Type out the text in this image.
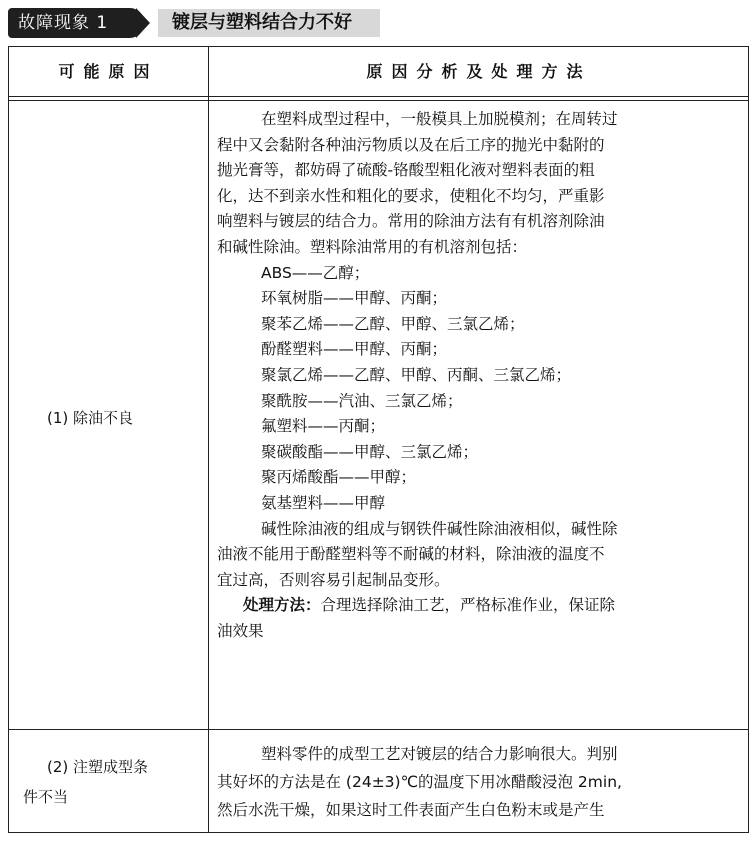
故障现象 1	镀层与塑料结合力不好
可能原因	原因分析及处理方法
(1) 除油不良
在塑料成型过程中，一般模具上加脱模剂；在周转过
程中又会黏附各种油污物质以及在后工序的抛光中黏附的
抛光膏等，都妨碍了硫酸-铬酸型粗化液对塑料表面的粗
化，达不到亲水性和粗化的要求，使粗化不均匀，严重影
响塑料与镀层的结合力。常用的除油方法有有机溶剂除油
和碱性除油。塑料除油常用的有机溶剂包括：
ABS——乙醇；
环氧树脂——甲醇、丙酮；
聚苯乙烯——乙醇、甲醇、三氯乙烯；
酚醛塑料——甲醇、丙酮；
聚氯乙烯——乙醇、甲醇、丙酮、三氯乙烯；
聚酰胺——汽油、三氯乙烯；
氟塑料——丙酮；
聚碳酸酯——甲醇、三氯乙烯；
聚丙烯酸酯——甲醇；
氨基塑料——甲醇
碱性除油液的组成与钢铁件碱性除油液相似，碱性除
油液不能用于酚醛塑料等不耐碱的材料，除油液的温度不
宜过高，否则容易引起制品变形。
处理方法：合理选择除油工艺，严格标准作业，保证除
油效果
(2) 注塑成型条
件不当
塑料零件的成型工艺对镀层的结合力影响很大。判别
其好坏的方法是在 (24±3)℃的温度下用冰醋酸浸泡 2min,
然后水洗干燥，如果这时工件表面产生白色粉末或是产生
